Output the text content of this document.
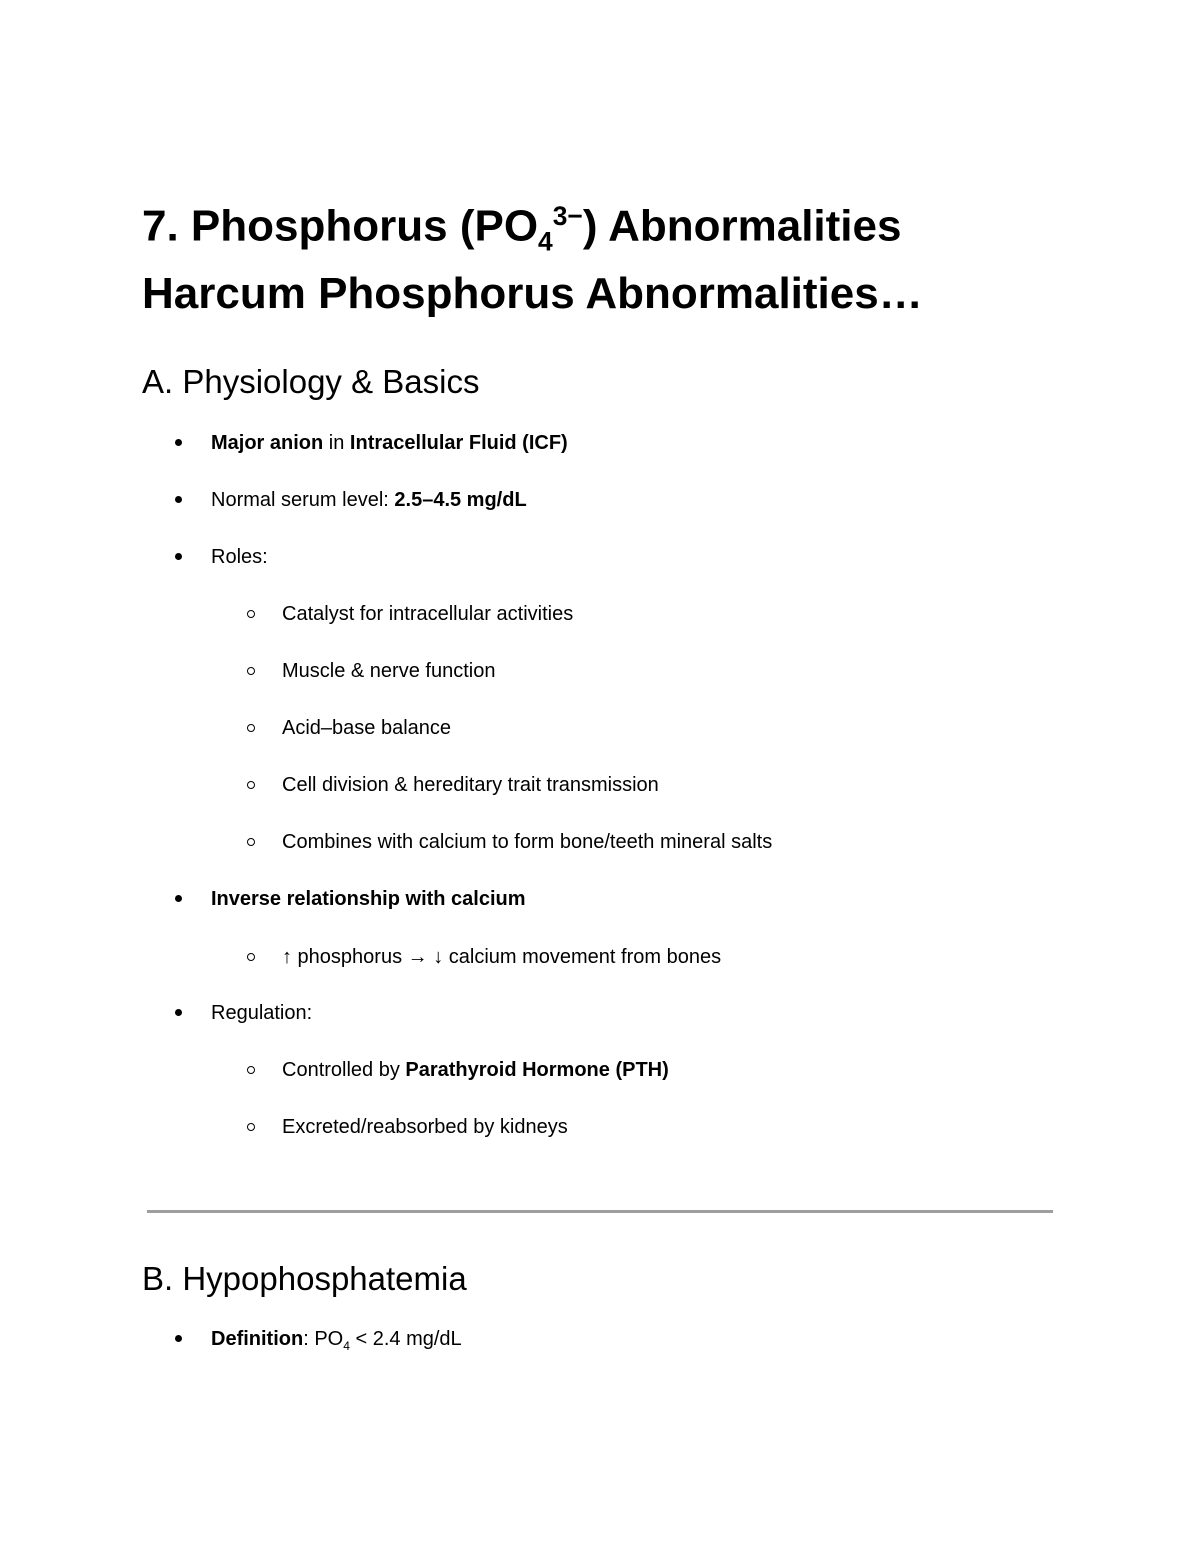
7. Phosphorus $(PO_4^{3-})$ Abnormalities
Harcum Phosphorus Abnormalities…
A. Physiology & Basics
Major anion in Intracellular Fluid (ICF)
Normal serum level: 2.5–4.5 mg/dL
Roles:
Catalyst for intracellular activities
Muscle & nerve function
Acid–base balance
Cell division & hereditary trait transmission
Combines with calcium to form bone/teeth mineral salts
Inverse relationship with calcium
↑ phosphorus → ↓ calcium movement from bones
Regulation:
Controlled by Parathyroid Hormone (PTH)
Excreted/reabsorbed by kidneys
B. Hypophosphatemia
Definition: $PO_4 < 2.4$ mg/dL
